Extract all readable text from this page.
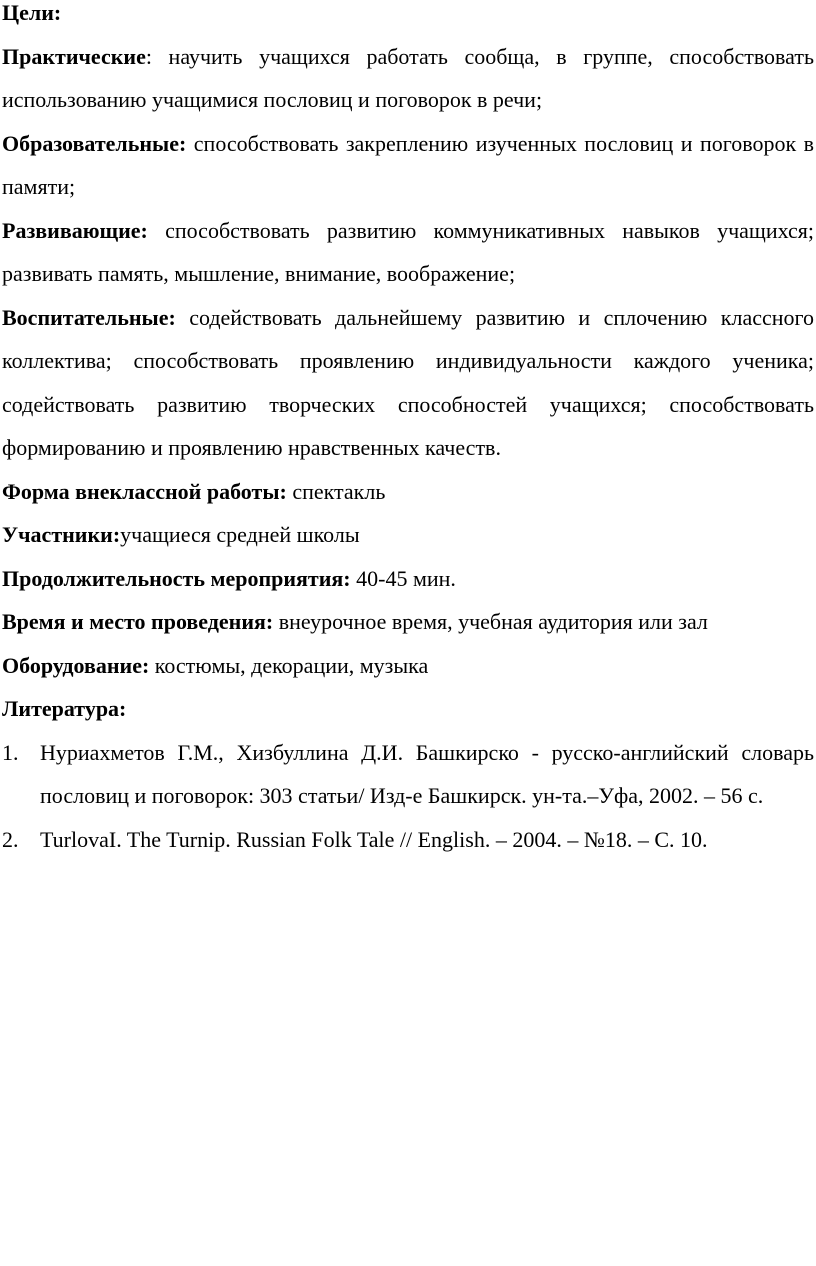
Цели:

Практические: научить учащихся работать сообща, в группе, способствовать использованию учащимися пословиц и поговорок в речи;

Образовательные: способствовать закреплению изученных пословиц и поговорок в памяти;

Развивающие: способствовать развитию коммуникативных навыков учащихся; развивать память, мышление, внимание, воображение;

Воспитательные: содействовать дальнейшему развитию и сплочению классного коллектива; способствовать проявлению индивидуальности каждого ученика; содействовать развитию творческих способностей учащихся; способствовать формированию и проявлению нравственных качеств.

Форма внеклассной работы: спектакль

Участники:учащиеся средней школы

Продолжительность мероприятия: 40-45 мин.

Время и место проведения: внеурочное время, учебная аудитория или зал

Оборудование: костюмы, декорации, музыка

Литература:

1. Нуриахметов Г.М., Хизбуллина Д.И. Башкирско - русско-английский словарь пословиц и поговорок: 303 статьи/ Изд-е Башкирск. ун-та.–Уфа, 2002. – 56 с.
2. TurlovaI. The Turnip. Russian Folk Tale // English. – 2004. – №18. – С. 10.
